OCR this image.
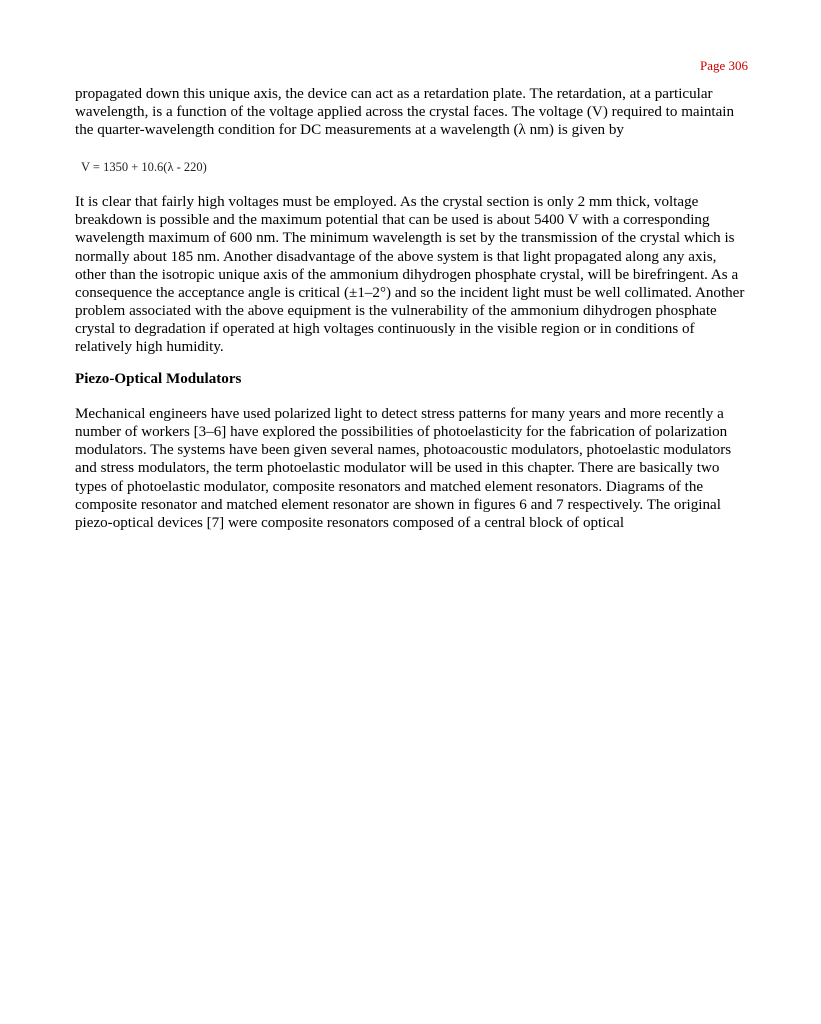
Page 306

propagated down this unique axis, the device can act as a retardation plate. The retardation, at a particular wavelength, is a function of the voltage applied across the crystal faces. The voltage (V) required to maintain the quarter-wavelength condition for DC measurements at a wavelength (λ nm) is given by

V = 1350 + 10.6(λ - 220)

It is clear that fairly high voltages must be employed. As the crystal section is only 2 mm thick, voltage breakdown is possible and the maximum potential that can be used is about 5400 V with a corresponding wavelength maximum of 600 nm. The minimum wavelength is set by the transmission of the crystal which is normally about 185 nm. Another disadvantage of the above system is that light propagated along any axis, other than the isotropic unique axis of the ammonium dihydrogen phosphate crystal, will be birefringent. As a consequence the acceptance angle is critical (±1–2°) and so the incident light must be well collimated. Another problem associated with the above equipment is the vulnerability of the ammonium dihydrogen phosphate crystal to degradation if operated at high voltages continuously in the visible region or in conditions of relatively high humidity.

Piezo-Optical Modulators

Mechanical engineers have used polarized light to detect stress patterns for many years and more recently a number of workers [3–6] have explored the possibilities of photoelasticity for the fabrication of polarization modulators. The systems have been given several names, photoacoustic modulators, photoelastic modulators and stress modulators, the term photoelastic modulator will be used in this chapter. There are basically two types of photoelastic modulator, composite resonators and matched element resonators. Diagrams of the composite resonator and matched element resonator are shown in figures 6 and 7 respectively. The original piezo-optical devices [7] were composite resonators composed of a central block of optical
